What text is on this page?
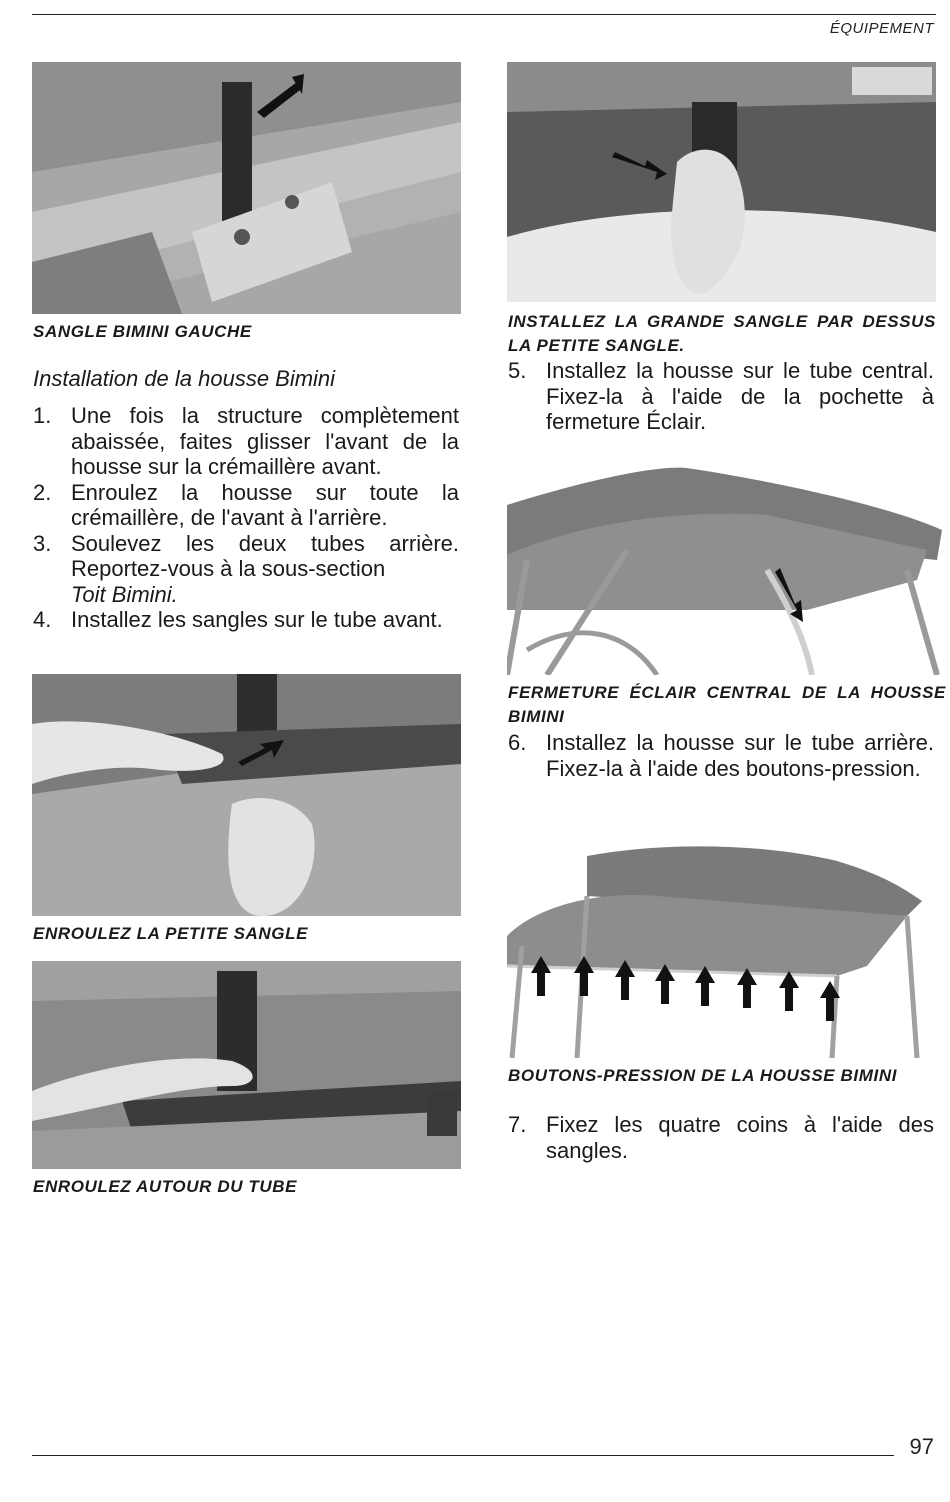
ÉQUIPEMENT
SANGLE BIMINI GAUCHE
Installation de la housse Bimini
1. Une fois la structure complètement abaissée, faites glisser l'avant de la housse sur la crémaillère avant.
2. Enroulez la housse sur toute la crémaillère, de l'avant à l'arrière.
3. Soulevez les deux tubes arrière. Reportez-vous à la sous-section
Toit Bimini.
4. Installez les sangles sur le tube avant.
ENROULEZ LA PETITE SANGLE
ENROULEZ AUTOUR DU TUBE
INSTALLEZ LA GRANDE SANGLE PAR DESSUS LA PETITE SANGLE.
5. Installez la housse sur le tube central. Fixez-la à l'aide de la pochette à fermeture Éclair.
FERMETURE ÉCLAIR CENTRAL DE LA HOUSSE BIMINI
6. Installez la housse sur le tube arrière. Fixez-la à l'aide des boutons-pression.
BOUTONS-PRESSION DE LA HOUSSE BIMINI
7. Fixez les quatre coins à l'aide des sangles.
97
